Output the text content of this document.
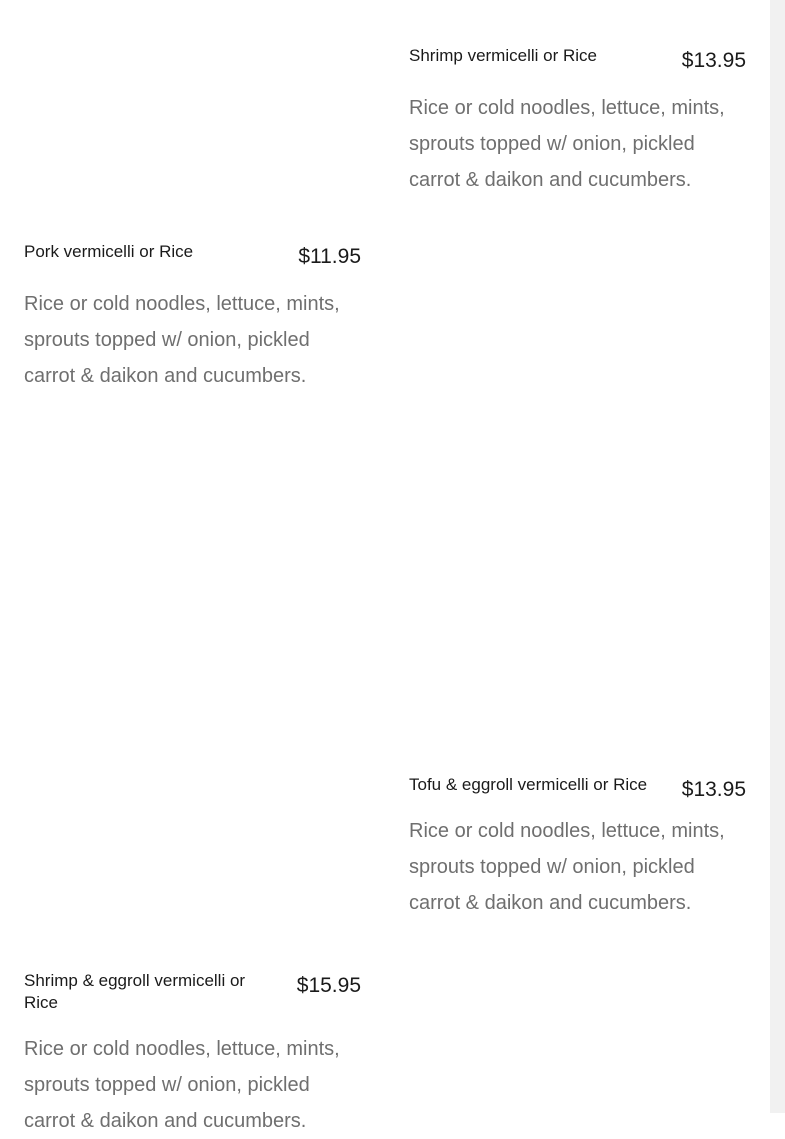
Shrimp vermicelli or Rice	$13.95

Rice or cold noodles, lettuce, mints, sprouts topped w/ onion, pickled carrot & daikon and cucumbers.

Pork vermicelli or Rice	$11.95

Rice or cold noodles, lettuce, mints, sprouts topped w/ onion, pickled carrot & daikon and cucumbers.

Tofu & eggroll vermicelli or Rice $13.95

Rice or cold noodles, lettuce, mints, sprouts topped w/ onion, pickled carrot & daikon and cucumbers.

Shrimp & eggroll vermicelli or Rice
$15.95

Rice or cold noodles, lettuce, mints, sprouts topped w/ onion, pickled carrot & daikon and cucumbers.
